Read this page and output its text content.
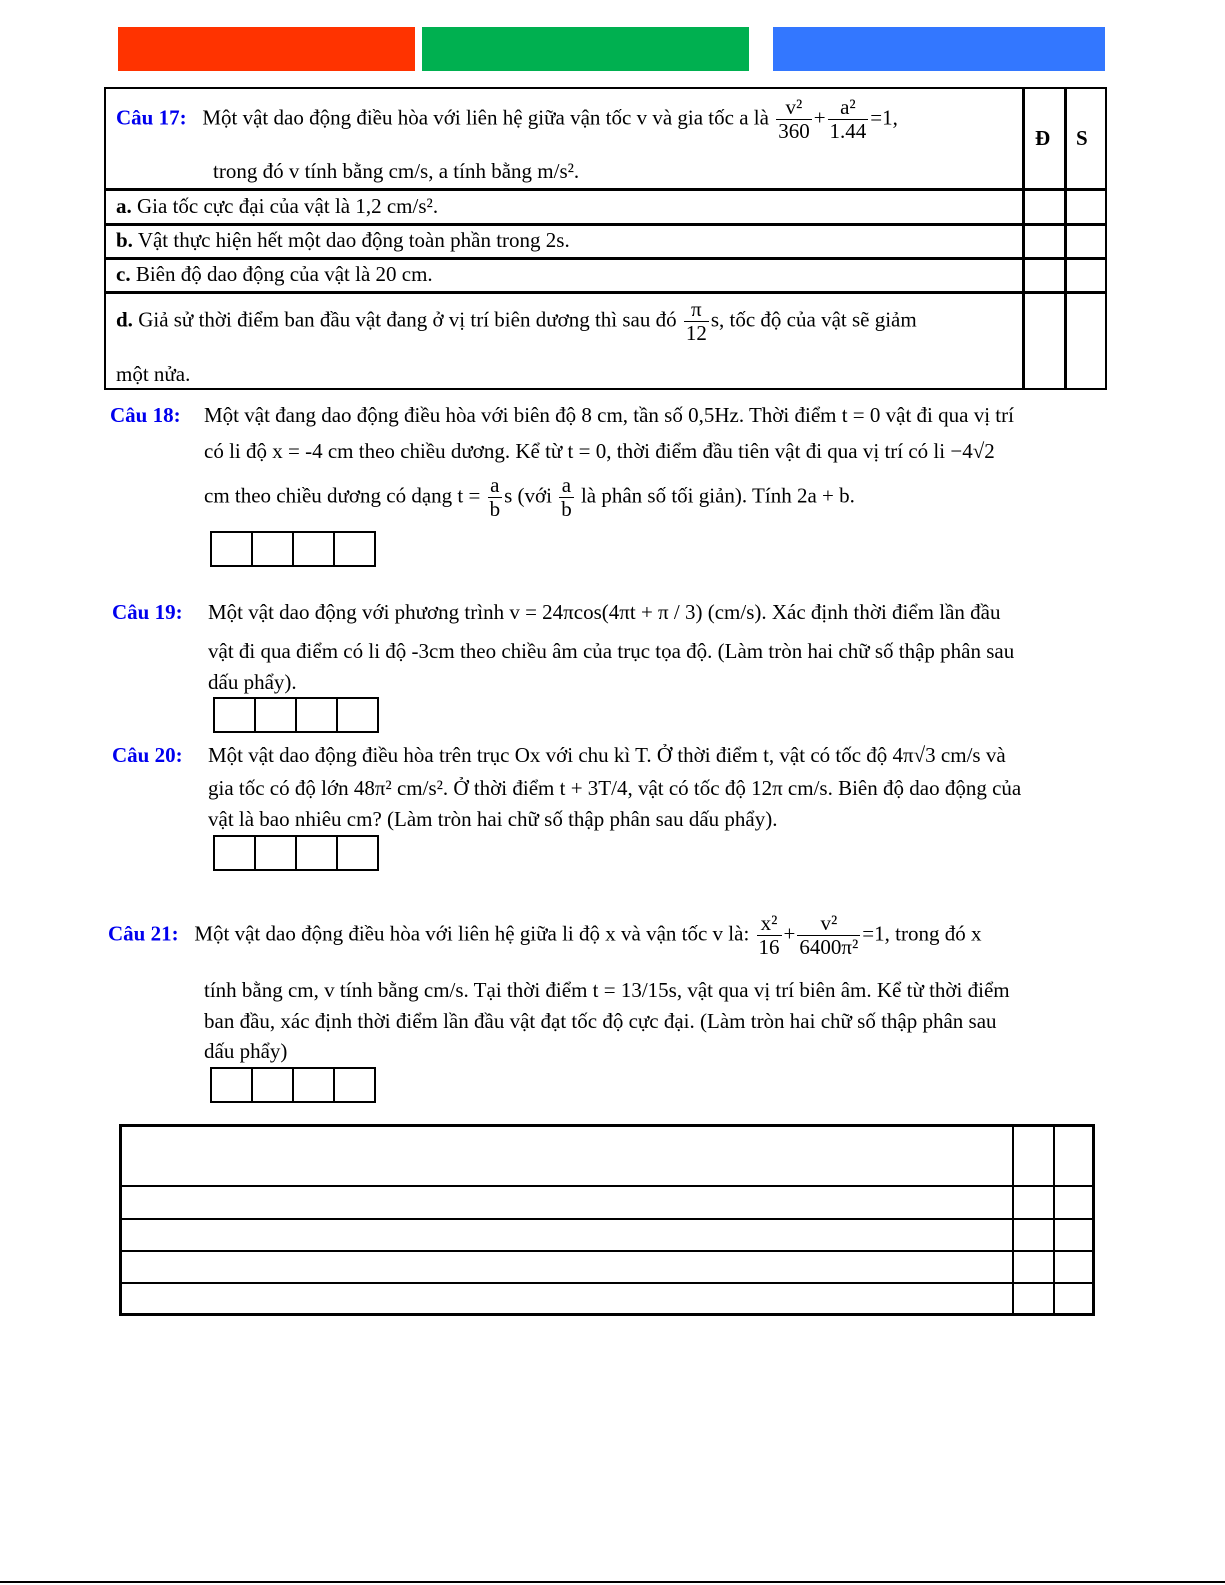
Câu 17: Một vật dao động điều hòa với liên hệ giữa vận tốc v và gia tốc a là $\frac{\text{v²}}{360} + \frac{\text{a²}}{1.44} =1$,
trong đó v tính bằng cm/s, a tính bằng m/s².
Đ S
a. Gia tốc cực đại của vật là 1,2 cm/s².
b. Vật thực hiện hết một dao động toàn phần trong 2s.
c. Biên độ dao động của vật là 20 cm.
d. Giả sử thời điểm ban đầu vật đang ở vị trí biên dương thì sau đó $\frac{\pi}{12} s$, tốc độ của vật sẽ giảm
một nửa.
Câu 18: Một vật đang dao động điều hòa với biên độ 8 cm, tần số 0,5Hz. Thời điểm t = 0 vật đi qua vị trí
có li độ x = -4 cm theo chiều dương. Kể từ t = 0, thời điểm đầu tiên vật đi qua vị trí có li −4√2
cm theo chiều dương có dạng $t = \frac{a}{b}$ s (với $\frac{a}{b}$ là phân số tối giản). Tính 2a + b.
Câu 19: Một vật dao động với phương trình v = 24πcos(4πt + π / 3) (cm/s). Xác định thời điểm lần đầu
vật đi qua điểm có li độ -3cm theo chiều âm của trục tọa độ. (Làm tròn hai chữ số thập phân sau
dấu phẩy).
Câu 20: Một vật dao động điều hòa trên trục Ox với chu kì T. Ở thời điểm t, vật có tốc độ 4π√3 cm/s và
gia tốc có độ lớn 48π² cm/s². Ở thời điểm t + 3T/4, vật có tốc độ 12π cm/s. Biên độ dao động của
vật là bao nhiêu cm? (Làm tròn hai chữ số thập phân sau dấu phẩy).
Câu 21: Một vật dao động điều hòa với liên hệ giữa li độ x và vận tốc v là: $\frac{\text{x²}}{16} + \frac{\text{v²}}{\text{6400π²}} =1$, trong đó x
tính bằng cm, v tính bằng cm/s. Tại thời điểm t = 13/15s, vật qua vị trí biên âm. Kể từ thời điểm
ban đầu, xác định thời điểm lần đầu vật đạt tốc độ cực đại. (Làm tròn hai chữ số thập phân sau
dấu phẩy)
